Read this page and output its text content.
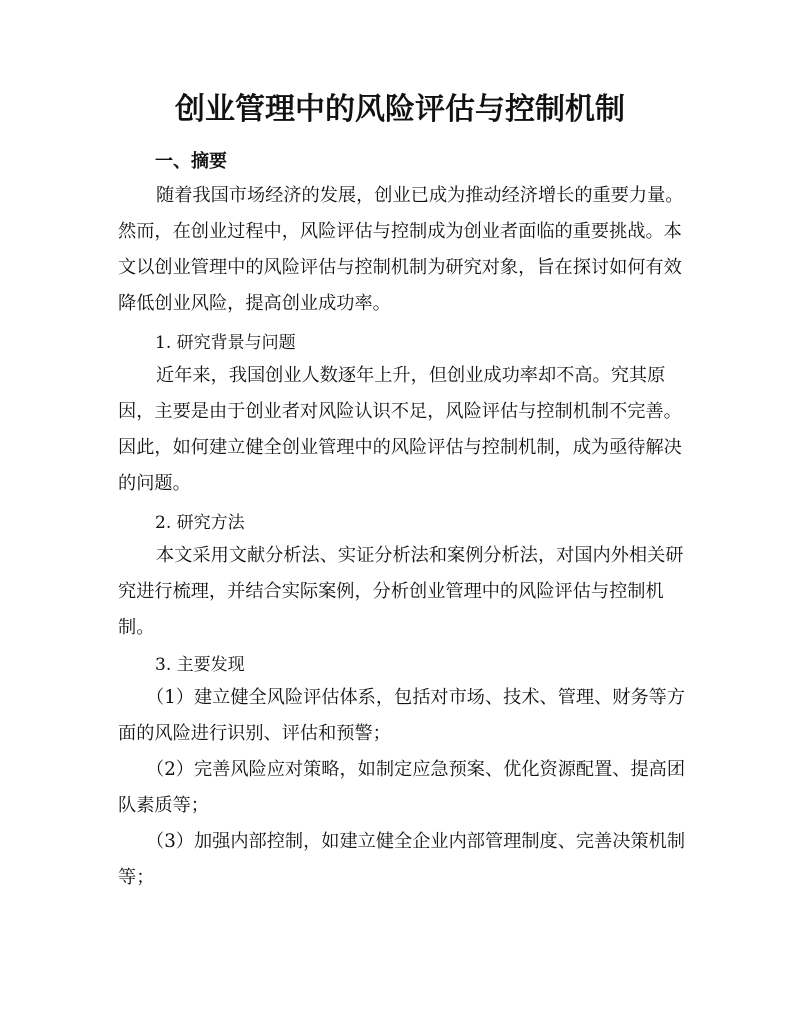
创业管理中的风险评估与控制机制
一、摘要

随着我国市场经济的发展，创业已成为推动经济增长的重要力量。然而，在创业过程中，风险评估与控制成为创业者面临的重要挑战。本文以创业管理中的风险评估与控制机制为研究对象，旨在探讨如何有效降低创业风险，提高创业成功率。

1. 研究背景与问题

近年来，我国创业人数逐年上升，但创业成功率却不高。究其原因，主要是由于创业者对风险认识不足，风险评估与控制机制不完善。因此，如何建立健全创业管理中的风险评估与控制机制，成为亟待解决的问题。

2. 研究方法

本文采用文献分析法、实证分析法和案例分析法，对国内外相关研究进行梳理，并结合实际案例，分析创业管理中的风险评估与控制机制。

3. 主要发现

（1）建立健全风险评估体系，包括对市场、技术、管理、财务等方面的风险进行识别、评估和预警；

（2）完善风险应对策略，如制定应急预案、优化资源配置、提高团队素质等；

（3）加强内部控制，如建立健全企业内部管理制度、完善决策机制等；
